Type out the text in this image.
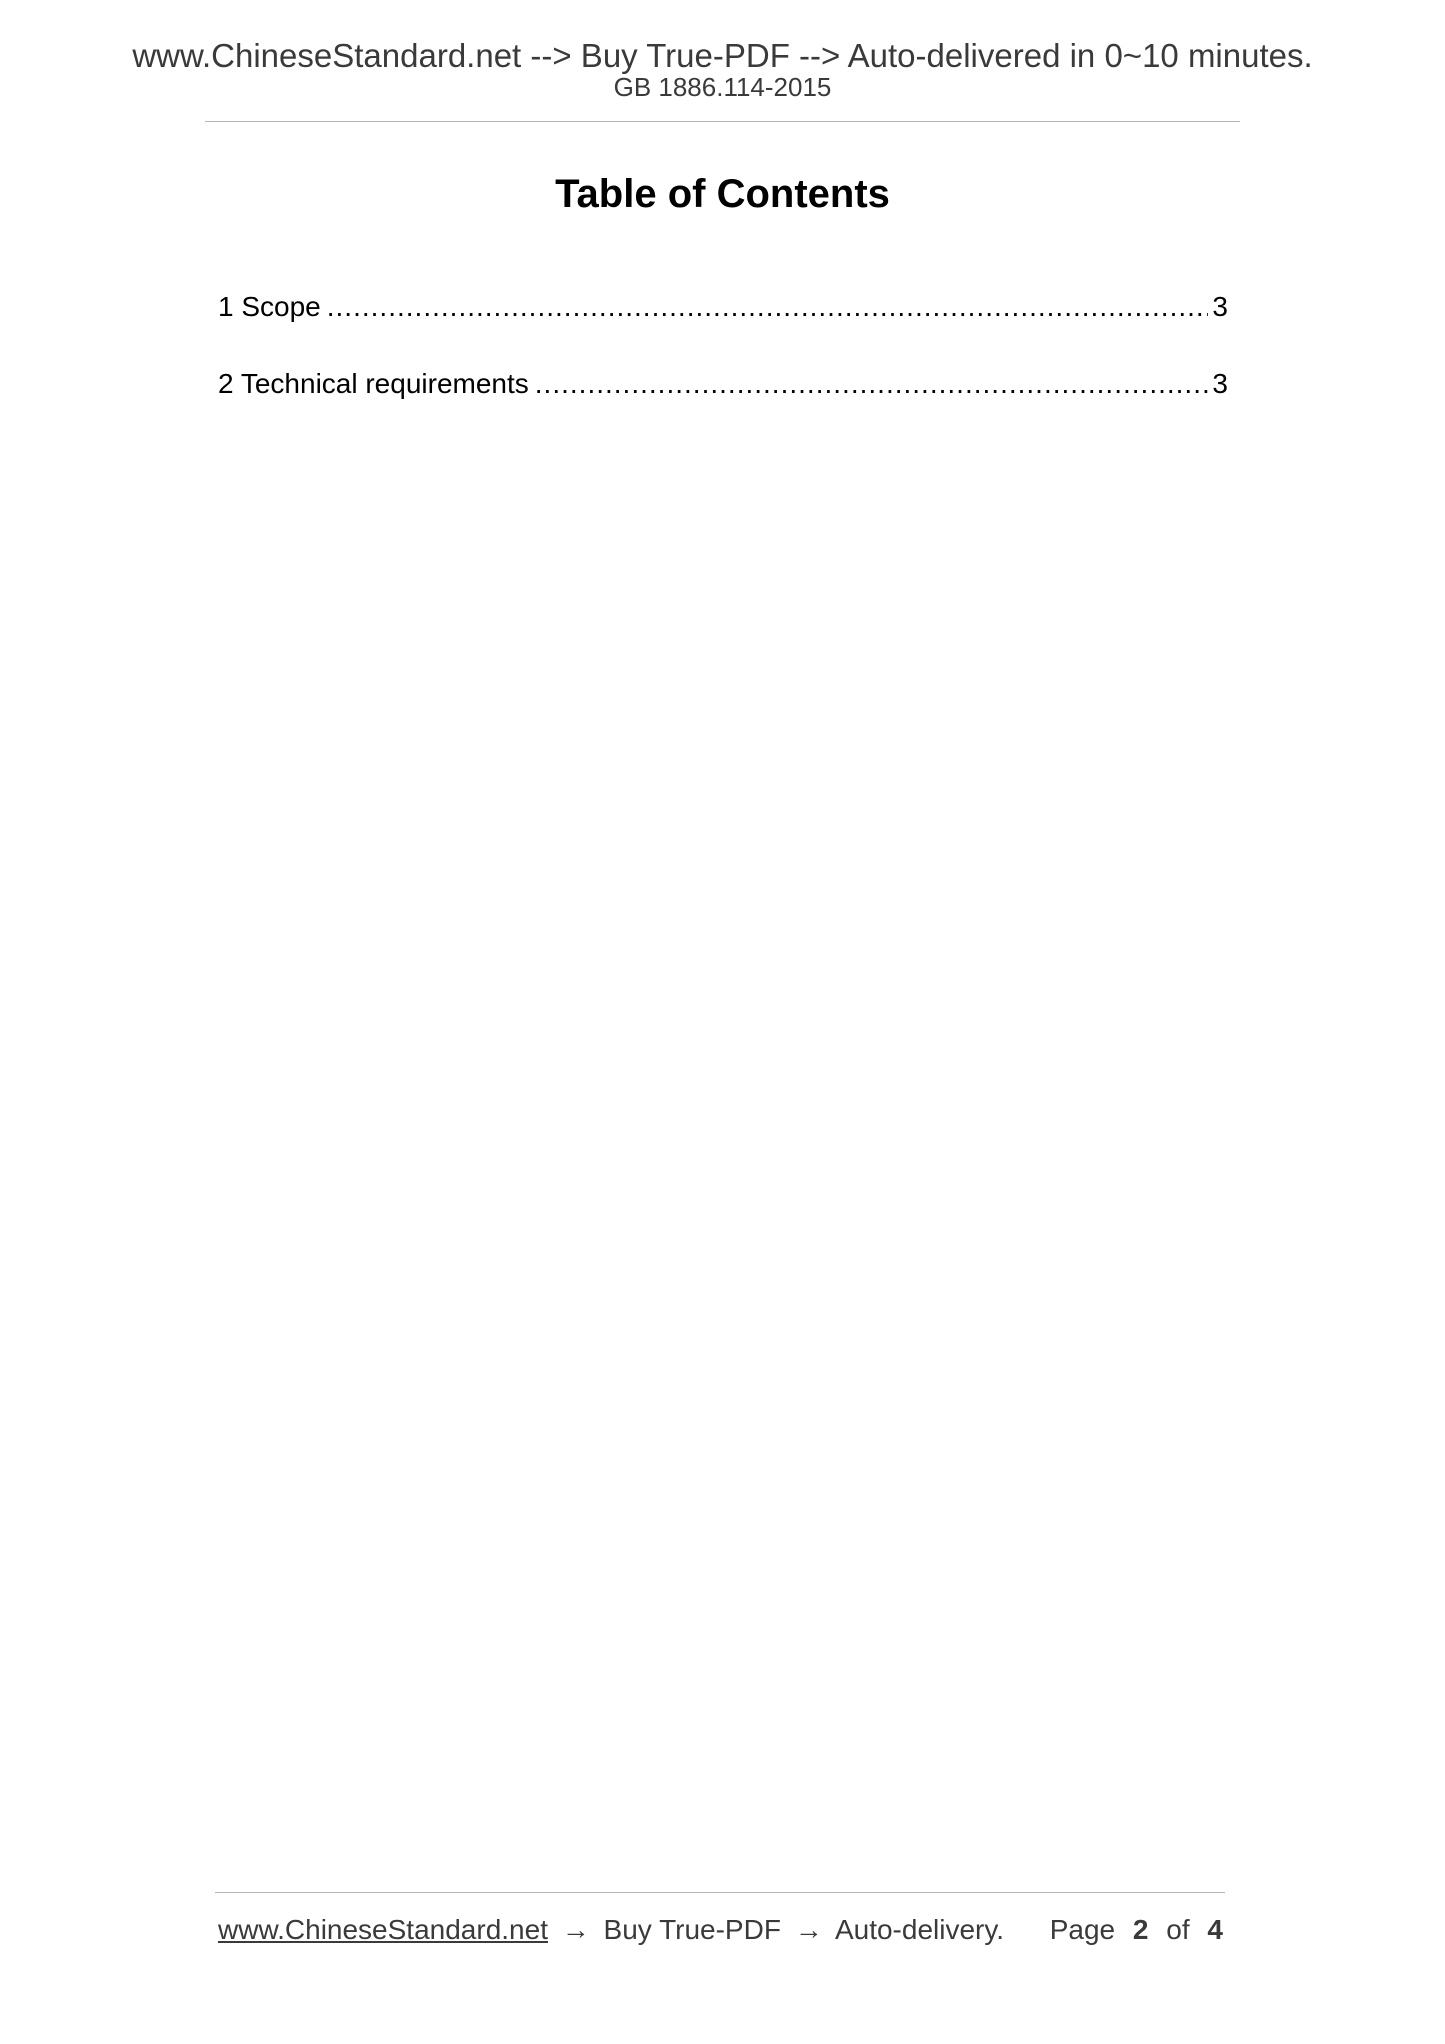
www.ChineseStandard.net --> Buy True-PDF --> Auto-delivered in 0~10 minutes.
GB 1886.114-2015
Table of Contents
1 Scope .....	3
2 Technical requirements .....	3
www.ChineseStandard.net → Buy True-PDF → Auto-delivery. Page 2 of 4
